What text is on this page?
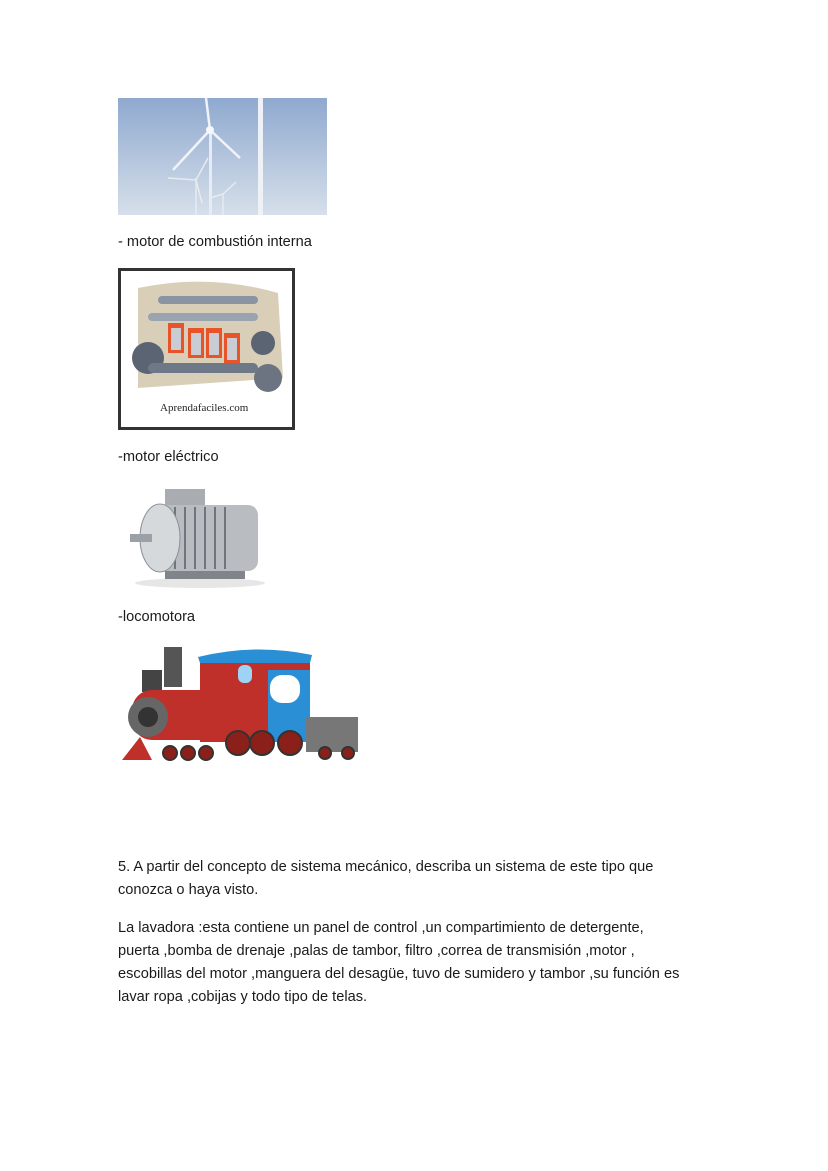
- motor de combustión interna
Aprendafaciles.com
-motor eléctrico
-locomotora
5. A partir del concepto de sistema mecánico, describa un sistema de este tipo que
conozca o haya visto.
La lavadora :esta contiene un panel de control ,un compartimiento de detergente,
puerta ,bomba de drenaje ,palas de tambor, filtro ,correa de transmisión ,motor ,
escobillas del motor ,manguera del desagüe, tuvo de sumidero y tambor ,su función es
lavar ropa ,cobijas y todo tipo de telas.
